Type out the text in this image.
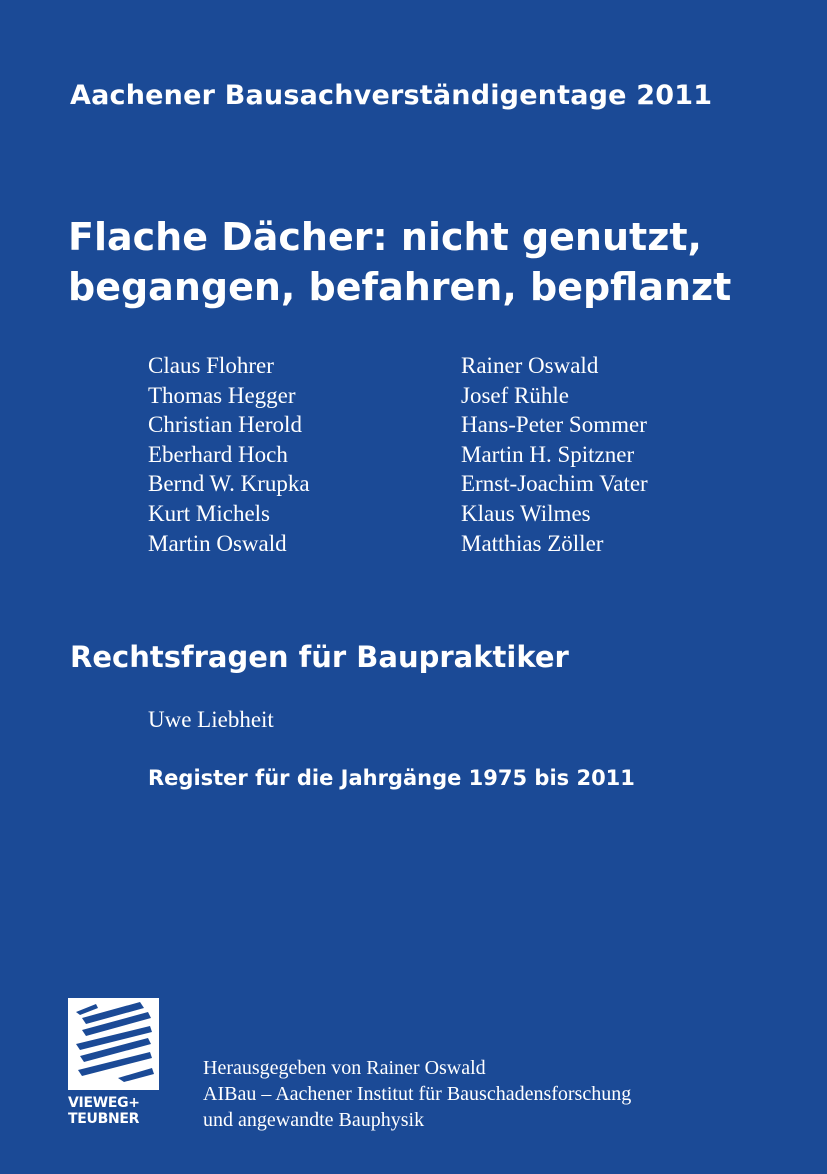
Aachener Bausachverständigentage 2011
Flache Dächer: nicht genutzt,
begangen, befahren, bepflanzt
Claus Flohrer
Thomas Hegger
Christian Herold
Eberhard Hoch
Bernd W. Krupka
Kurt Michels
Martin Oswald
Rainer Oswald
Josef Rühle
Hans-Peter Sommer
Martin H. Spitzner
Ernst-Joachim Vater
Klaus Wilmes
Matthias Zöller
Rechtsfragen für Baupraktiker
Uwe Liebheit
Register für die Jahrgänge 1975 bis 2011
VIEWEG+
TEUBNER
Herausgegeben von Rainer Oswald
AIBau – Aachener Institut für Bauschadensforschung
und angewandte Bauphysik
